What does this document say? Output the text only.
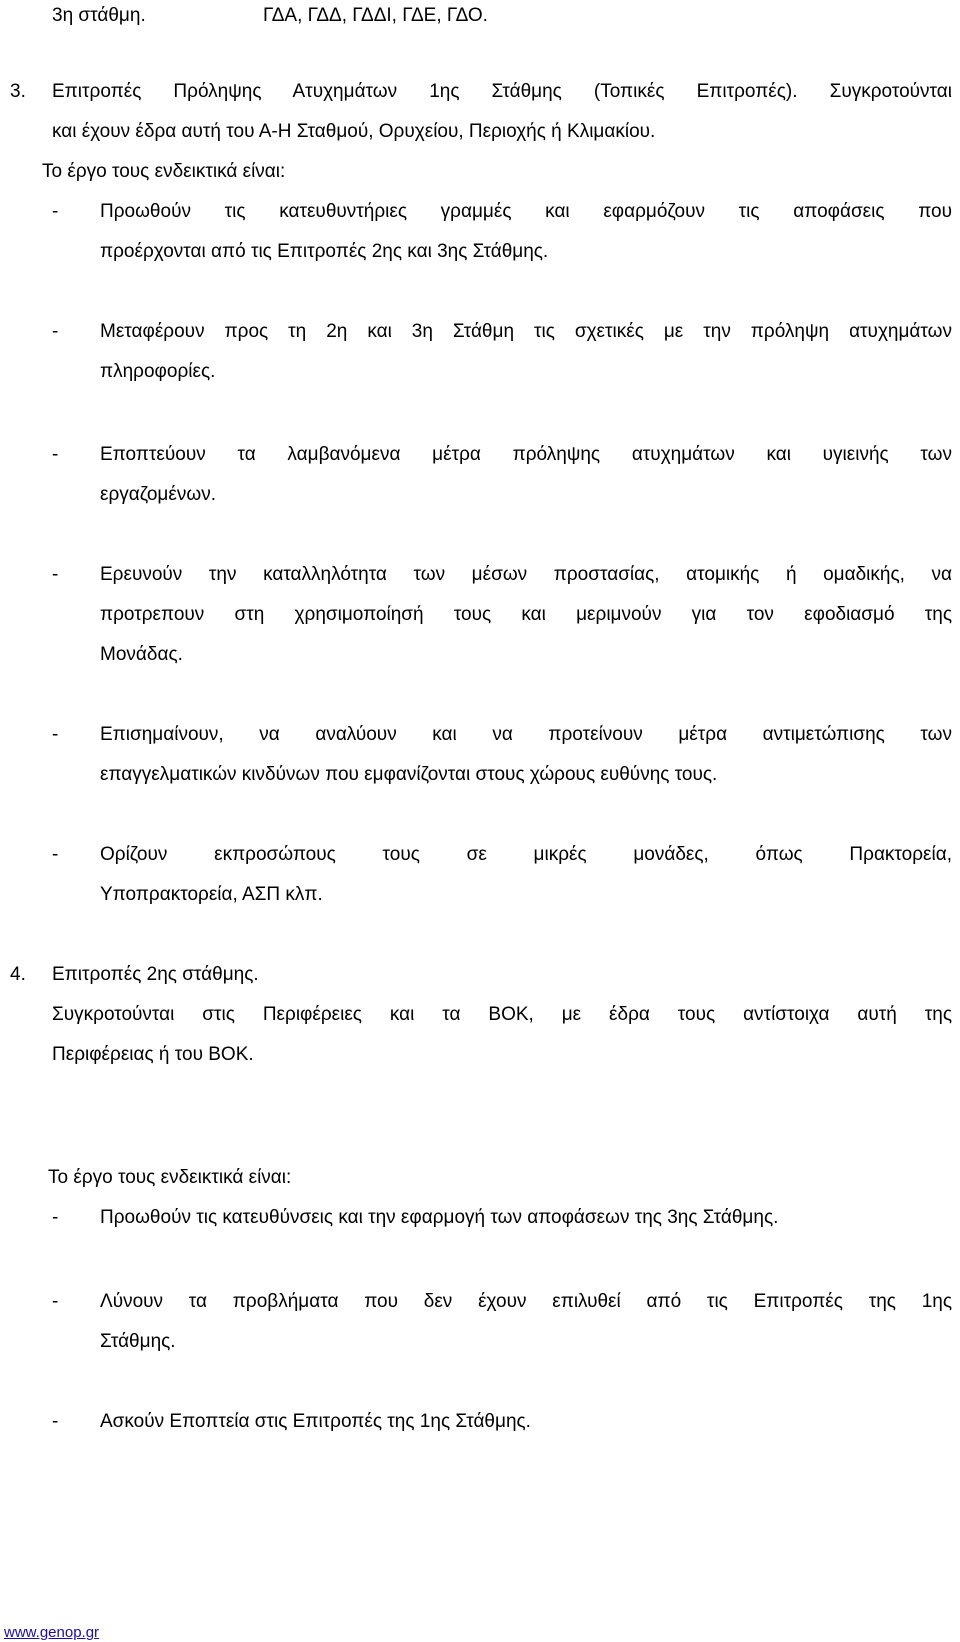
3η στάθμη.	ΓΔΑ, ΓΔΔ, ΓΔΔΙ, ΓΔΕ, ΓΔΟ.
3. Επιτροπές Πρόληψης Ατυχημάτων 1ης Στάθμης (Τοπικές Επιτροπές). Συγκροτούνται
και έχουν έδρα αυτή του Α-Η Σταθμού, Ορυχείου, Περιοχής ή Κλιμακίου.
Το έργο τους ενδεικτικά είναι:
- Προωθούν τις κατευθυντήριες γραμμές και εφαρμόζουν τις αποφάσεις που
προέρχονται από τις Επιτροπές 2ης και 3ης Στάθμης.
- Μεταφέρουν προς τη 2η και 3η Στάθμη τις σχετικές με την πρόληψη ατυχημάτων
πληροφορίες.
- Εποπτεύουν τα λαμβανόμενα μέτρα πρόληψης ατυχημάτων και υγιεινής των
εργαζομένων.
- Ερευνούν την καταλληλότητα των μέσων προστασίας, ατομικής ή ομαδικής, να
προτρεπουν στη χρησιμοποίησή τους και μεριμνούν για τον εφοδιασμό της
Μονάδας.
- Επισημαίνουν, να αναλύουν και να προτείνουν μέτρα αντιμετώπισης των
επαγγελματικών κινδύνων που εμφανίζονται στους χώρους ευθύνης τους.
- Ορίζουν εκπροσώπους τους σε μικρές μονάδες, όπως Πρακτορεία,
Υποπρακτορεία, ΑΣΠ κλπ.
4. Επιτροπές 2ης στάθμης.
Συγκροτούνται στις Περιφέρειες και τα ΒΟΚ, με έδρα τους αντίστοιχα αυτή της
Περιφέρειας ή του ΒΟΚ.
Το έργο τους ενδεικτικά είναι:
- Προωθούν τις κατευθύνσεις και την εφαρμογή των αποφάσεων της 3ης Στάθμης.
- Λύνουν τα προβλήματα που δεν έχουν επιλυθεί από τις Επιτροπές της 1ης
Στάθμης.
- Ασκούν Εποπτεία στις Επιτροπές της 1ης Στάθμης.
www.genop.gr
